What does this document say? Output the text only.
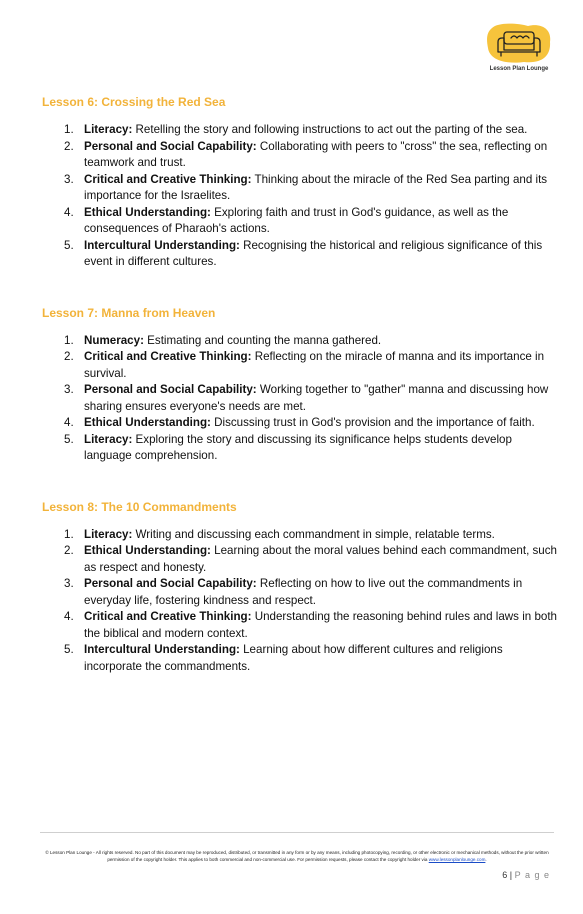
Lesson Plan Lounge
Lesson 6: Crossing the Red Sea
1. Literacy: Retelling the story and following instructions to act out the parting of the sea.
2. Personal and Social Capability: Collaborating with peers to "cross" the sea, reflecting on teamwork and trust.
3. Critical and Creative Thinking: Thinking about the miracle of the Red Sea parting and its importance for the Israelites.
4. Ethical Understanding: Exploring faith and trust in God's guidance, as well as the consequences of Pharaoh's actions.
5. Intercultural Understanding: Recognising the historical and religious significance of this event in different cultures.
Lesson 7: Manna from Heaven
1. Numeracy: Estimating and counting the manna gathered.
2. Critical and Creative Thinking: Reflecting on the miracle of manna and its importance in survival.
3. Personal and Social Capability: Working together to "gather" manna and discussing how sharing ensures everyone's needs are met.
4. Ethical Understanding: Discussing trust in God's provision and the importance of faith.
5. Literacy: Exploring the story and discussing its significance helps students develop language comprehension.
Lesson 8: The 10 Commandments
1. Literacy: Writing and discussing each commandment in simple, relatable terms.
2. Ethical Understanding: Learning about the moral values behind each commandment, such as respect and honesty.
3. Personal and Social Capability: Reflecting on how to live out the commandments in everyday life, fostering kindness and respect.
4. Critical and Creative Thinking: Understanding the reasoning behind rules and laws in both the biblical and modern context.
5. Intercultural Understanding: Learning about how different cultures and religions incorporate the commandments.
© Lesson Plan Lounge - All rights reserved. No part of this document may be reproduced, distributed, or transmitted in any form or by any means, including photocopying, recording, or other electronic or mechanical methods, without the prior written permission of the copyright holder. This applies to both commercial and non-commercial use. For permission requests, please contact the copyright holder via www.lessonplanlounge.com.
6 | P a g e
